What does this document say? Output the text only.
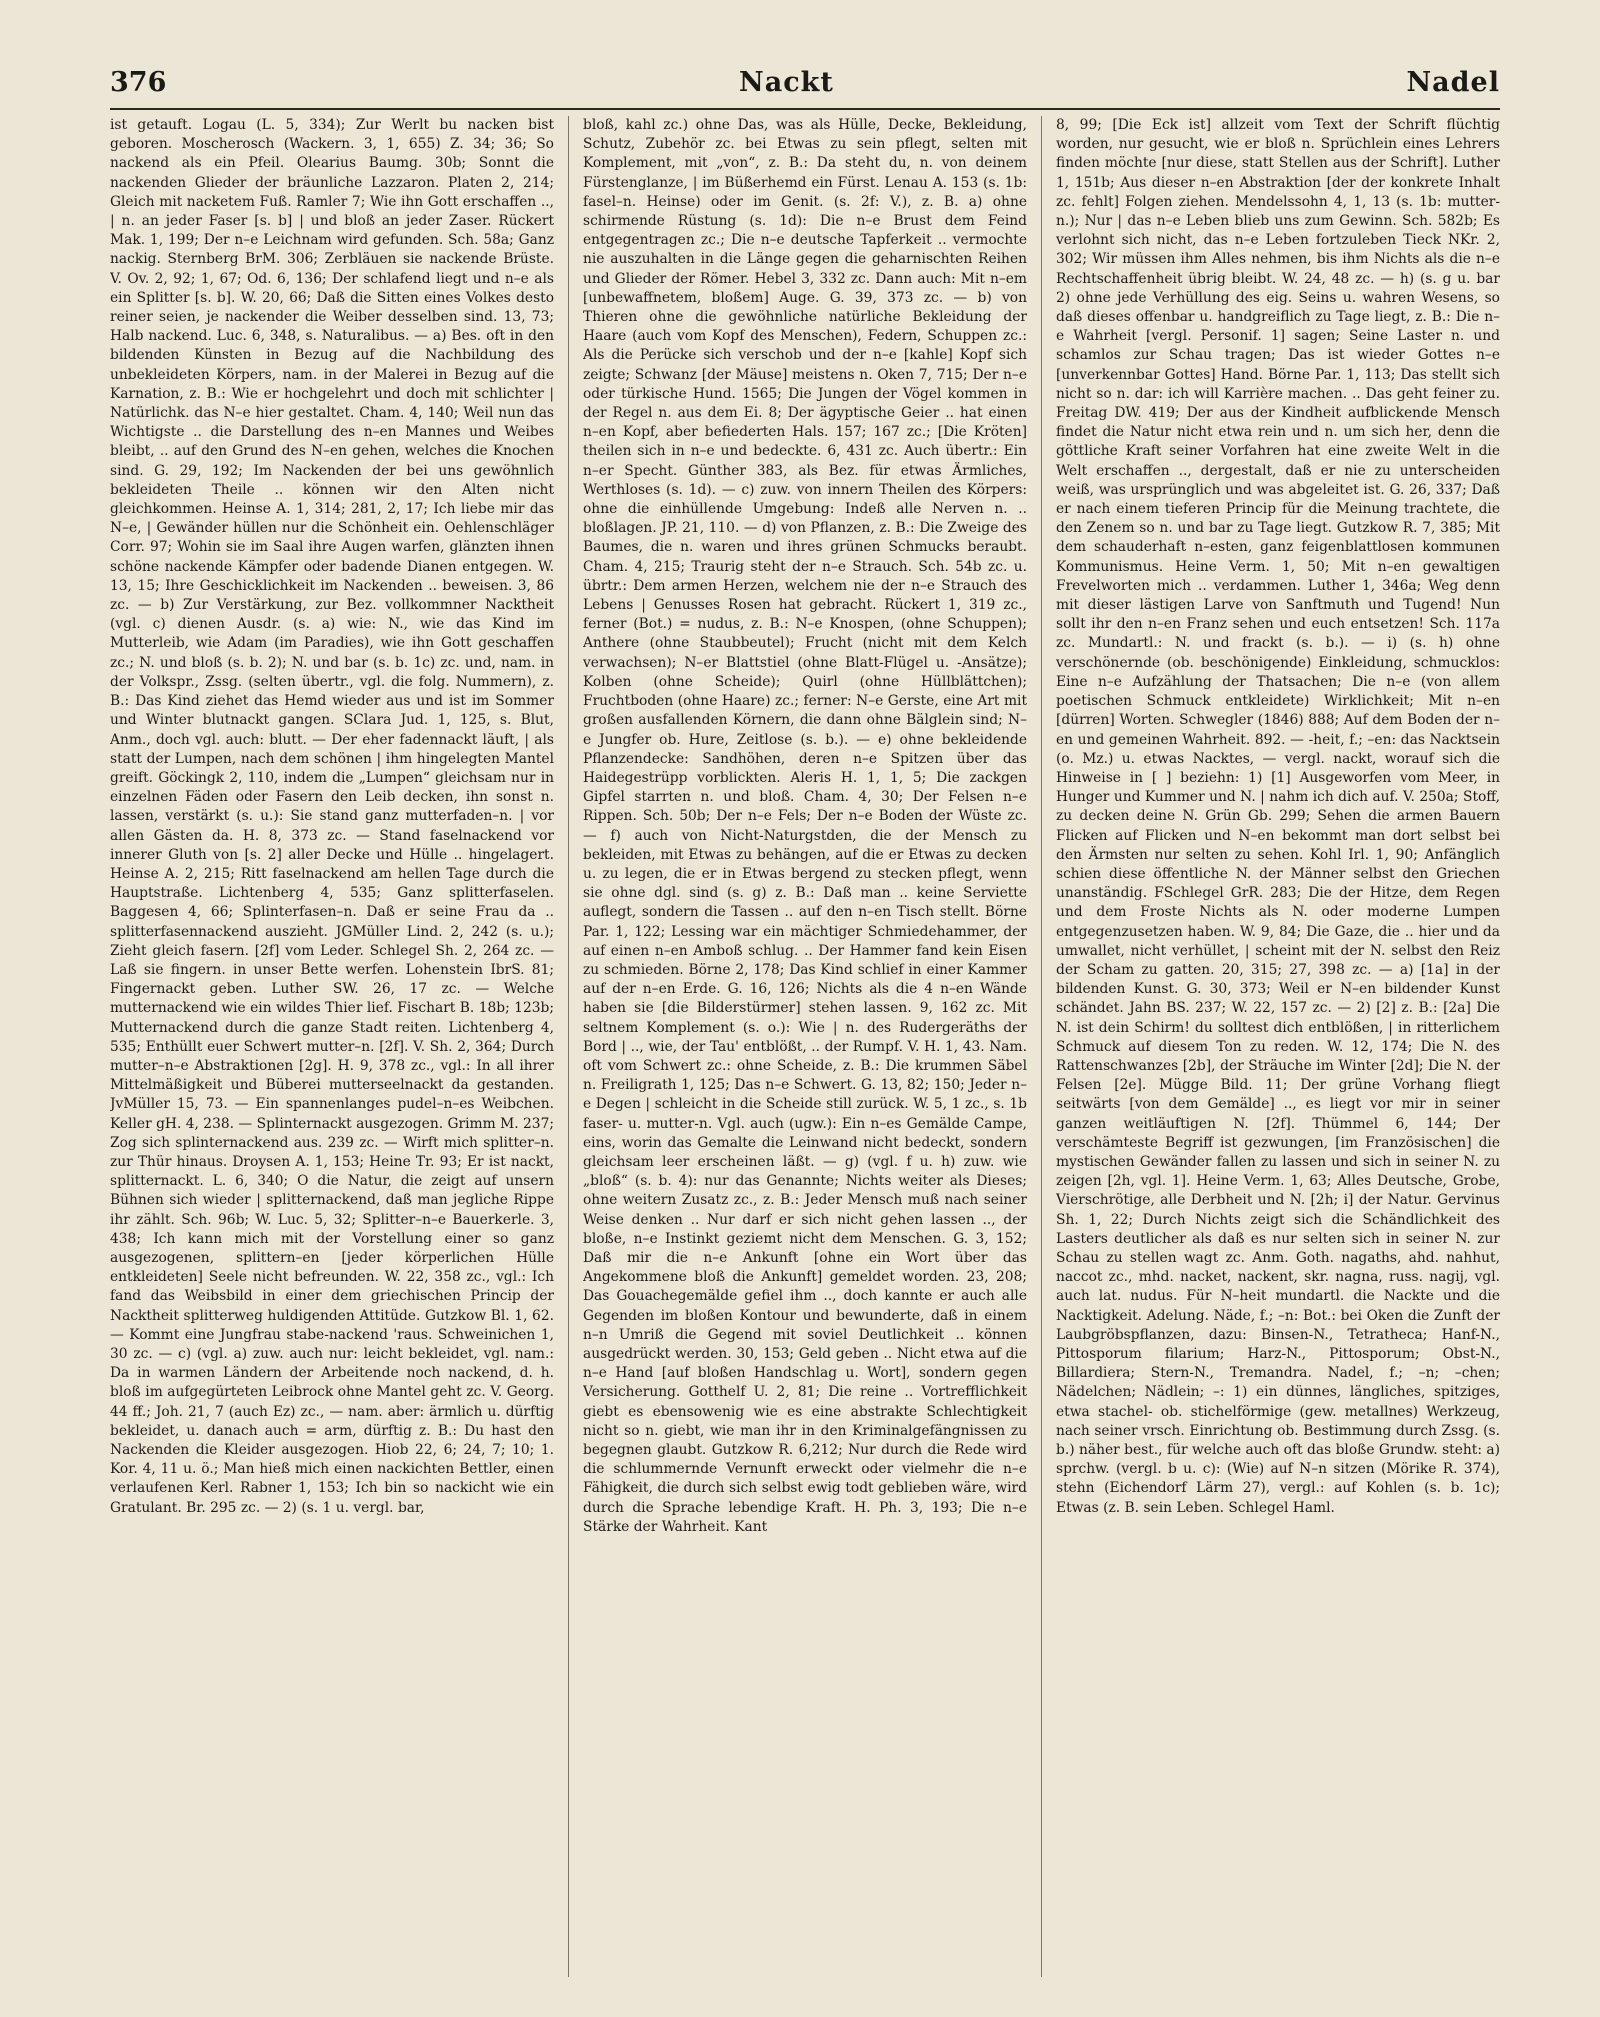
376	Nackt	Nadel

ist getauft. Logau (L. 5, 334); Zur Werlt bu nacken bist geboren. Moscherosch (Wackern. 3, 1, 655) Z. 34; 36; So nackend als ein Pfeil. Olearius Baumg. 30b; Sonnt die nackenden Glieder der bräunliche Lazzaron. Platen 2, 214; Gleich mit nacketem Fuß. Ramler 7; Wie ihn Gott erschaffen .., | n. an jeder Faser [s. b] | und bloß an jeder Zaser. Rückert Mak. 1, 199; Der n–e Leichnam wird gefunden. Sch. 58a; Ganz nackig. Sternberg BrM. 306; Zerbläuen sie nackende Brüste. V. Ov. 2, 92; 1, 67; Od. 6, 136; Der schlafend liegt und n–e als ein Splitter [s. b]. W. 20, 66; Daß die Sitten eines Volkes desto reiner seien, je nackender die Weiber desselben sind. 13, 73; Halb nackend. Luc. 6, 348, s. Naturalibus. — a) Bes. oft in den bildenden Künsten in Bezug auf die Nachbildung des unbekleideten Körpers, nam. in der Malerei in Bezug auf die Karnation, z. B.: Wie er hochgelehrt und doch mit schlichter | Natürlichk. das N–e hier gestaltet. Cham. 4, 140; Weil nun das Wichtigste .. die Darstellung des n–en Mannes und Weibes bleibt, .. auf den Grund des N–en gehen, welches die Knochen sind. G. 29, 192; Im Nackenden der bei uns gewöhnlich bekleideten Theile .. können wir den Alten nicht gleichkommen. Heinse A. 1, 314; 281, 2, 17; Ich liebe mir das N–e, | Gewänder hüllen nur die Schönheit ein. Oehlenschläger Corr. 97; Wohin sie im Saal ihre Augen warfen, glänzten ihnen schöne nackende Kämpfer oder badende Dianen entgegen. W. 13, 15; Ihre Geschicklichkeit im Nackenden .. beweisen. 3, 86 zc. — b) Zur Verstärkung, zur Bez. vollkommner Nacktheit (vgl. c) dienen Ausdr. (s. a) wie: N., wie das Kind im Mutterleib, wie Adam (im Paradies), wie ihn Gott geschaffen zc.; N. und bloß (s. b. 2); N. und bar (s. b. 1c) zc. und, nam. in der Volkspr., Zssg. (selten übertr., vgl. die folg. Nummern), z. B.: Das Kind ziehet das Hemd wieder aus und ist im Sommer und Winter blutnackt gangen. SClara Jud. 1, 125, s. Blut, Anm., doch vgl. auch: blutt. — Der eher fadennackt läuft, | als statt der Lumpen, nach dem schönen | ihm hingelegten Mantel greift. Göckingk 2, 110, indem die „Lumpen“ gleichsam nur in einzelnen Fäden oder Fasern den Leib decken, ihn sonst n. lassen, verstärkt (s. u.): Sie stand ganz mutterfaden–n. | vor allen Gästen da. H. 8, 373 zc. — Stand faselnackend vor innerer Gluth von [s. 2] aller Decke und Hülle .. hingelagert. Heinse A. 2, 215; Ritt faselnackend am hellen Tage durch die Hauptstraße. Lichtenberg 4, 535; Ganz splitterfaselen. Baggesen 4, 66; Splinterfasen–n. Daß er seine Frau da .. splitterfasennackend auszieht. JGMüller Lind. 2, 242 (s. u.); Zieht gleich fasern. [2f] vom Leder. Schlegel Sh. 2, 264 zc. — Laß sie fingern. in unser Bette werfen. Lohenstein IbrS. 81; Fingernackt geben. Luther SW. 26, 17 zc. — Welche mutternackend wie ein wildes Thier lief. Fischart B. 18b; 123b; Mutternackend durch die ganze Stadt reiten. Lichtenberg 4, 535; Enthüllt euer Schwert mutter–n. [2f]. V. Sh. 2, 364; Durch mutter–n–e Abstraktionen [2g]. H. 9, 378 zc., vgl.: In all ihrer Mittelmäßigkeit und Büberei mutterseelnackt da gestanden. JvMüller 15, 73. — Ein spannenlanges pudel–n–es Weibchen. Keller gH. 4, 238. — Splinternackt ausgezogen. Grimm M. 237; Zog sich splinternackend aus. 239 zc. — Wirft mich splitter–n. zur Thür hinaus. Droysen A. 1, 153; Heine Tr. 93; Er ist nackt, splitternackt. L. 6, 340; O die Natur, die zeigt auf unsern Bühnen sich wieder | splitternackend, daß man jegliche Rippe ihr zählt. Sch. 96b; W. Luc. 5, 32; Splitter–n–e Bauerkerle. 3, 438; Ich kann mich mit der Vorstellung einer so ganz ausgezogenen, splittern–en [jeder körperlichen Hülle entkleideten] Seele nicht befreunden. W. 22, 358 zc., vgl.: Ich fand das Weibsbild in einer dem griechischen Princip der Nacktheit splitterweg huldigenden Attitüde. Gutzkow Bl. 1, 62. — Kommt eine Jungfrau stabe-nackend 'raus. Schweinichen 1, 30 zc. — c) (vgl. a) zuw. auch nur: leicht bekleidet, vgl. nam.: Da in warmen Ländern der Arbeitende noch nackend, d. h. bloß im aufgegürteten Leibrock ohne Mantel geht zc. V. Georg. 44 ff.; Joh. 21, 7 (auch Ez) zc., — nam. aber: ärmlich u. dürftig bekleidet, u. danach auch = arm, dürftig z. B.: Du hast den Nackenden die Kleider ausgezogen. Hiob 22, 6; 24, 7; 10; 1. Kor. 4, 11 u. ö.; Man hieß mich einen nackichten Bettler, einen verlaufenen Kerl. Rabner 1, 153; Ich bin so nackicht wie ein Gratulant. Br. 295 zc. — 2) (s. 1 u. vergl. bar,

bloß, kahl zc.) ohne Das, was als Hülle, Decke, Bekleidung, Schutz, Zubehör zc. bei Etwas zu sein pflegt, selten mit Komplement, mit „von“, z. B.: Da steht du, n. von deinem Fürstenglanze, | im Büßerhemd ein Fürst. Lenau A. 153 (s. 1b: fasel–n. Heinse) oder im Genit. (s. 2f: V.), z. B. a) ohne schirmende Rüstung (s. 1d): Die n–e Brust dem Feind entgegentragen zc.; Die n–e deutsche Tapferkeit .. vermochte nie auszuhalten in die Länge gegen die geharnischten Reihen und Glieder der Römer. Hebel 3, 332 zc. Dann auch: Mit n–em [unbewaffnetem, bloßem] Auge. G. 39, 373 zc. — b) von Thieren ohne die gewöhnliche natürliche Bekleidung der Haare (auch vom Kopf des Menschen), Federn, Schuppen zc.: Als die Perücke sich verschob und der n–e [kahle] Kopf sich zeigte; Schwanz [der Mäuse] meistens n. Oken 7, 715; Der n–e oder türkische Hund. 1565; Die Jungen der Vögel kommen in der Regel n. aus dem Ei. 8; Der ägyptische Geier .. hat einen n–en Kopf, aber befiederten Hals. 157; 167 zc.; [Die Kröten] theilen sich in n–e und bedeckte. 6, 431 zc. Auch übertr.: Ein n–er Specht. Günther 383, als Bez. für etwas Ärmliches, Werthloses (s. 1d). — c) zuw. von innern Theilen des Körpers: ohne die einhüllende Umgebung: Indeß alle Nerven n. .. bloßlagen. JP. 21, 110. — d) von Pflanzen, z. B.: Die Zweige des Baumes, die n. waren und ihres grünen Schmucks beraubt. Cham. 4, 215; Traurig steht der n–e Strauch. Sch. 54b zc. u. übrtr.: Dem armen Herzen, welchem nie der n–e Strauch des Lebens | Genusses Rosen hat gebracht. Rückert 1, 319 zc., ferner (Bot.) = nudus, z. B.: N–e Knospen, (ohne Schuppen); Anthere (ohne Staubbeutel); Frucht (nicht mit dem Kelch verwachsen); N–er Blattstiel (ohne Blatt-Flügel u. -Ansätze); Kolben (ohne Scheide); Quirl (ohne Hüllblättchen); Fruchtboden (ohne Haare) zc.; ferner: N–e Gerste, eine Art mit großen ausfallenden Körnern, die dann ohne Bälglein sind; N–e Jungfer ob. Hure, Zeitlose (s. b.). — e) ohne bekleidende Pflanzendecke: Sandhöhen, deren n–e Spitzen über das Haidegestrüpp vorblickten. Aleris H. 1, 1, 5; Die zackgen Gipfel starrten n. und bloß. Cham. 4, 30; Der Felsen n–e Rippen. Sch. 50b; Der n–e Fels; Der n–e Boden der Wüste zc. — f) auch von Nicht-Naturgstden, die der Mensch zu bekleiden, mit Etwas zu behängen, auf die er Etwas zu decken u. zu legen, die er in Etwas bergend zu stecken pflegt, wenn sie ohne dgl. sind (s. g) z. B.: Daß man .. keine Serviette auflegt, sondern die Tassen .. auf den n–en Tisch stellt. Börne Par. 1, 122; Lessing war ein mächtiger Schmiedehammer, der auf einen n–en Amboß schlug. .. Der Hammer fand kein Eisen zu schmieden. Börne 2, 178; Das Kind schlief in einer Kammer auf der n–en Erde. G. 16, 126; Nichts als die 4 n–en Wände haben sie [die Bilderstürmer] stehen lassen. 9, 162 zc. Mit seltnem Komplement (s. o.): Wie | n. des Rudergeräths der Bord | .., wie, der Tau' entblößt, .. der Rumpf. V. H. 1, 43. Nam. oft vom Schwert zc.: ohne Scheide, z. B.: Die krummen Säbel n. Freiligrath 1, 125; Das n–e Schwert. G. 13, 82; 150; Jeder n–e Degen | schleicht in die Scheide still zurück. W. 5, 1 zc., s. 1b faser- u. mutter-n. Vgl. auch (ugw.): Ein n–es Gemälde Campe, eins, worin das Gemalte die Leinwand nicht bedeckt, sondern gleichsam leer erscheinen läßt. — g) (vgl. f u. h) zuw. wie „bloß“ (s. b. 4): nur das Genannte; Nichts weiter als Dieses; ohne weitern Zusatz zc., z. B.: Jeder Mensch muß nach seiner Weise denken .. Nur darf er sich nicht gehen lassen .., der bloße, n–e Instinkt geziemt nicht dem Menschen. G. 3, 152; Daß mir die n–e Ankunft [ohne ein Wort über das Angekommene bloß die Ankunft] gemeldet worden. 23, 208; Das Gouachegemälde gefiel ihm .., doch kannte er auch alle Gegenden im bloßen Kontour und bewunderte, daß in einem n–n Umriß die Gegend mit soviel Deutlichkeit .. können ausgedrückt werden. 30, 153; Geld geben .. Nicht etwa auf die n–e Hand [auf bloßen Handschlag u. Wort], sondern gegen Versicherung. Gotthelf U. 2, 81; Die reine .. Vortrefflichkeit giebt es ebensowenig wie es eine abstrakte Schlechtigkeit nicht so n. giebt, wie man ihr in den Kriminalgefängnissen zu begegnen glaubt. Gutzkow R. 6,212; Nur durch die Rede wird die schlummernde Vernunft erweckt oder vielmehr die n–e Fähigkeit, die durch sich selbst ewig todt geblieben wäre, wird durch die Sprache lebendige Kraft. H. Ph. 3, 193; Die n–e Stärke der Wahrheit. Kant

8, 99; [Die Eck ist] allzeit vom Text der Schrift flüchtig worden, nur gesucht, wie er bloß n. Sprüchlein eines Lehrers finden möchte [nur diese, statt Stellen aus der Schrift]. Luther 1, 151b; Aus dieser n–en Abstraktion [der der konkrete Inhalt zc. fehlt] Folgen ziehen. Mendelssohn 4, 1, 13 (s. 1b: mutter-n.); Nur | das n–e Leben blieb uns zum Gewinn. Sch. 582b; Es verlohnt sich nicht, das n–e Leben fortzuleben Tieck NKr. 2, 302; Wir müssen ihm Alles nehmen, bis ihm Nichts als die n–e Rechtschaffenheit übrig bleibt. W. 24, 48 zc. — h) (s. g u. bar 2) ohne jede Verhüllung des eig. Seins u. wahren Wesens, so daß dieses offenbar u. handgreiflich zu Tage liegt, z. B.: Die n–e Wahrheit [vergl. Personif. 1] sagen; Seine Laster n. und schamlos zur Schau tragen; Das ist wieder Gottes n–e [unverkennbar Gottes] Hand. Börne Par. 1, 113; Das stellt sich nicht so n. dar: ich will Karrière machen. .. Das geht feiner zu. Freitag DW. 419; Der aus der Kindheit aufblickende Mensch findet die Natur nicht etwa rein und n. um sich her, denn die göttliche Kraft seiner Vorfahren hat eine zweite Welt in die Welt erschaffen .., dergestalt, daß er nie zu unterscheiden weiß, was ursprünglich und was abgeleitet ist. G. 26, 337; Daß er nach einem tieferen Princip für die Meinung trachtete, die den Zenem so n. und bar zu Tage liegt. Gutzkow R. 7, 385; Mit dem schauderhaft n–esten, ganz feigenblattlosen kommunen Kommunismus. Heine Verm. 1, 50; Mit n–en gewaltigen Frevelworten mich .. verdammen. Luther 1, 346a; Weg denn mit dieser lästigen Larve von Sanftmuth und Tugend! Nun sollt ihr den n–en Franz sehen und euch entsetzen! Sch. 117a zc. Mundartl.: N. und frackt (s. b.). — i) (s. h) ohne verschönernde (ob. beschönigende) Einkleidung, schmucklos: Eine n–e Aufzählung der Thatsachen; Die n–e (von allem poetischen Schmuck entkleidete) Wirklichkeit; Mit n–en [dürren] Worten. Schwegler (1846) 888; Auf dem Boden der n–en und gemeinen Wahrheit. 892. — -heit, f.; –en: das Nacktsein (o. Mz.) u. etwas Nacktes, — vergl. nackt, worauf sich die Hinweise in [ ] beziehn: 1) [1] Ausgeworfen vom Meer, in Hunger und Kummer und N. | nahm ich dich auf. V. 250a; Stoff, zu decken deine N. Grün Gb. 299; Sehen die armen Bauern Flicken auf Flicken und N–en bekommt man dort selbst bei den Ärmsten nur selten zu sehen. Kohl Irl. 1, 90; Anfänglich schien diese öffentliche N. der Männer selbst den Griechen unanständig. FSchlegel GrR. 283; Die der Hitze, dem Regen und dem Froste Nichts als N. oder moderne Lumpen entgegenzusetzen haben. W. 9, 84; Die Gaze, die .. hier und da umwallet, nicht verhüllet, | scheint mit der N. selbst den Reiz der Scham zu gatten. 20, 315; 27, 398 zc. — a) [1a] in der bildenden Kunst. G. 30, 373; Weil er N–en bildender Kunst schändet. Jahn BS. 237; W. 22, 157 zc. — 2) [2] z. B.: [2a] Die N. ist dein Schirm! du solltest dich entblößen, | in ritterlichem Schmuck auf diesem Ton zu reden. W. 12, 174; Die N. des Rattenschwanzes [2b], der Sträuche im Winter [2d]; Die N. der Felsen [2e]. Mügge Bild. 11; Der grüne Vorhang fliegt seitwärts [von dem Gemälde] .., es liegt vor mir in seiner ganzen weitläuftigen N. [2f]. Thümmel 6, 144; Der verschämteste Begriff ist gezwungen, [im Französischen] die mystischen Gewänder fallen zu lassen und sich in seiner N. zu zeigen [2h, vgl. 1]. Heine Verm. 1, 63; Alles Deutsche, Grobe, Vierschrötige, alle Derbheit und N. [2h; i] der Natur. Gervinus Sh. 1, 22; Durch Nichts zeigt sich die Schändlichkeit des Lasters deutlicher als daß es nur selten sich in seiner N. zur Schau zu stellen wagt zc. Anm. Goth. nagaths, ahd. nahhut, naccot zc., mhd. nacket, nackent, skr. nagna, russ. nagij, vgl. auch lat. nudus. Für N–heit mundartl. die Nackte und die Nacktigkeit. Adelung. Näde, f.; –n: Bot.: bei Oken die Zunft der Laubgröbspflanzen, dazu: Binsen-N., Tetratheca; Hanf-N., Pittosporum filarium; Harz-N., Pittosporum; Obst-N., Billardiera; Stern-N., Tremandra. Nadel, f.; –n; –chen; Nädelchen; Nädlein; –: 1) ein dünnes, längliches, spitziges, etwa stachel- ob. stichelförmige (gew. metallnes) Werkzeug, nach seiner vrsch. Einrichtung ob. Bestimmung durch Zssg. (s. b.) näher best., für welche auch oft das bloße Grundw. steht: a) sprchw. (vergl. b u. c): (Wie) auf N–n sitzen (Mörike R. 374), stehn (Eichendorf Lärm 27), vergl.: auf Kohlen (s. b. 1c); Etwas (z. B. sein Leben. Schlegel Haml.
